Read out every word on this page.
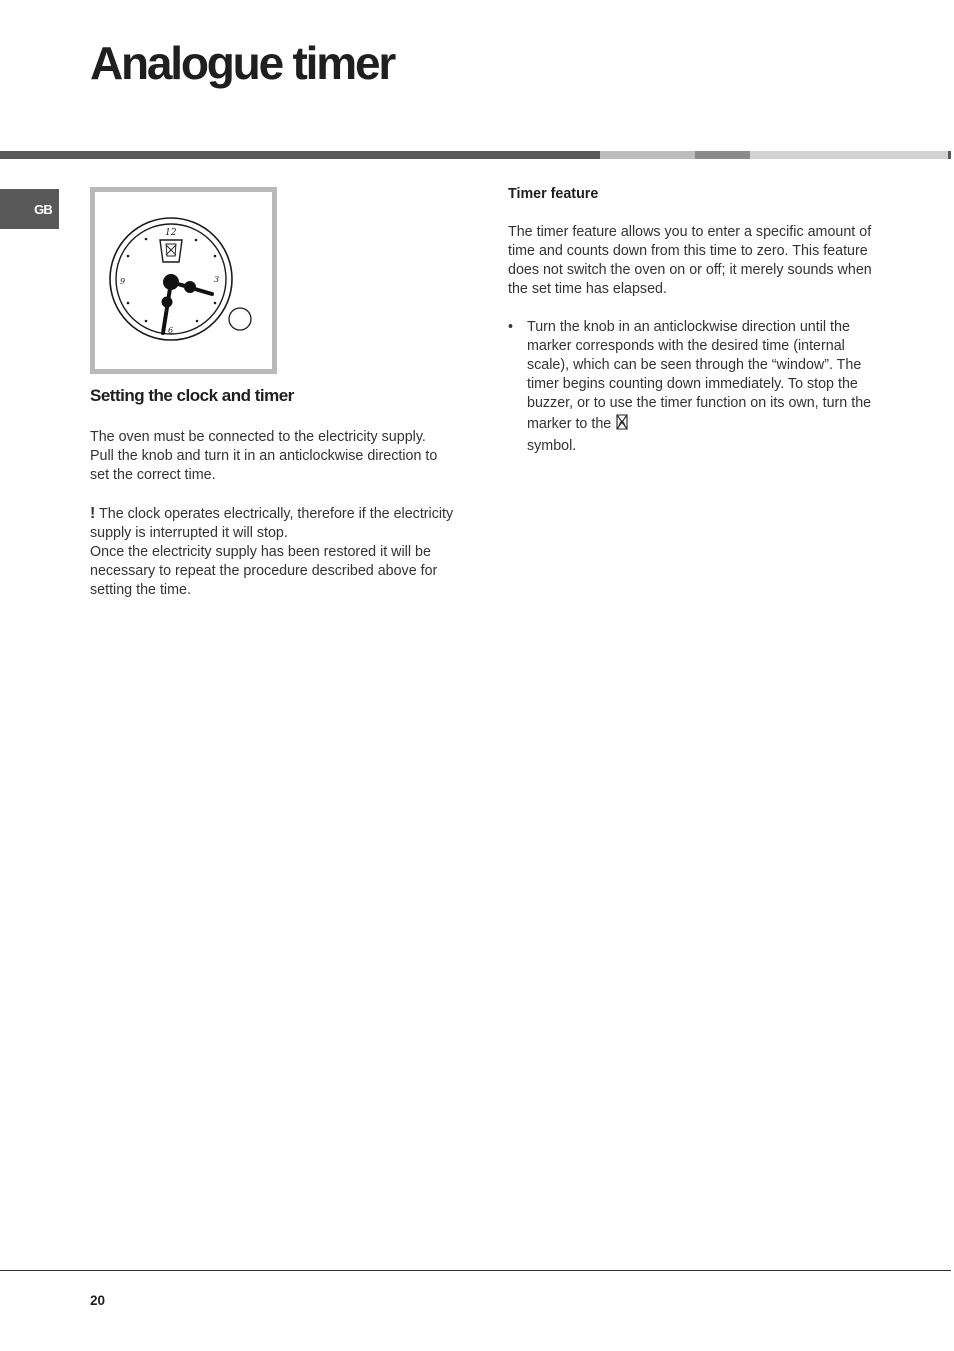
Analogue timer
GB
12
3
6
9
Setting the clock and timer

The oven must be connected to the electricity supply.
Pull the knob and turn it in an anticlockwise direction to set the correct time.

! The clock operates electrically, therefore if the electricity supply is interrupted it will stop.
Once the electricity supply has been restored it will be necessary to repeat the procedure described above for setting the time.

Timer feature

The timer feature allows you to enter a specific amount of time and counts down from this time to zero. This feature does not switch the oven on or off; it merely sounds when the set time has elapsed.

• Turn the knob in an anticlockwise direction until the marker corresponds with the desired time (internal scale), which can be seen through the “window”. The timer begins counting down immediately. To stop the buzzer, or to use the timer function on its own, turn the marker to the
symbol.
20
